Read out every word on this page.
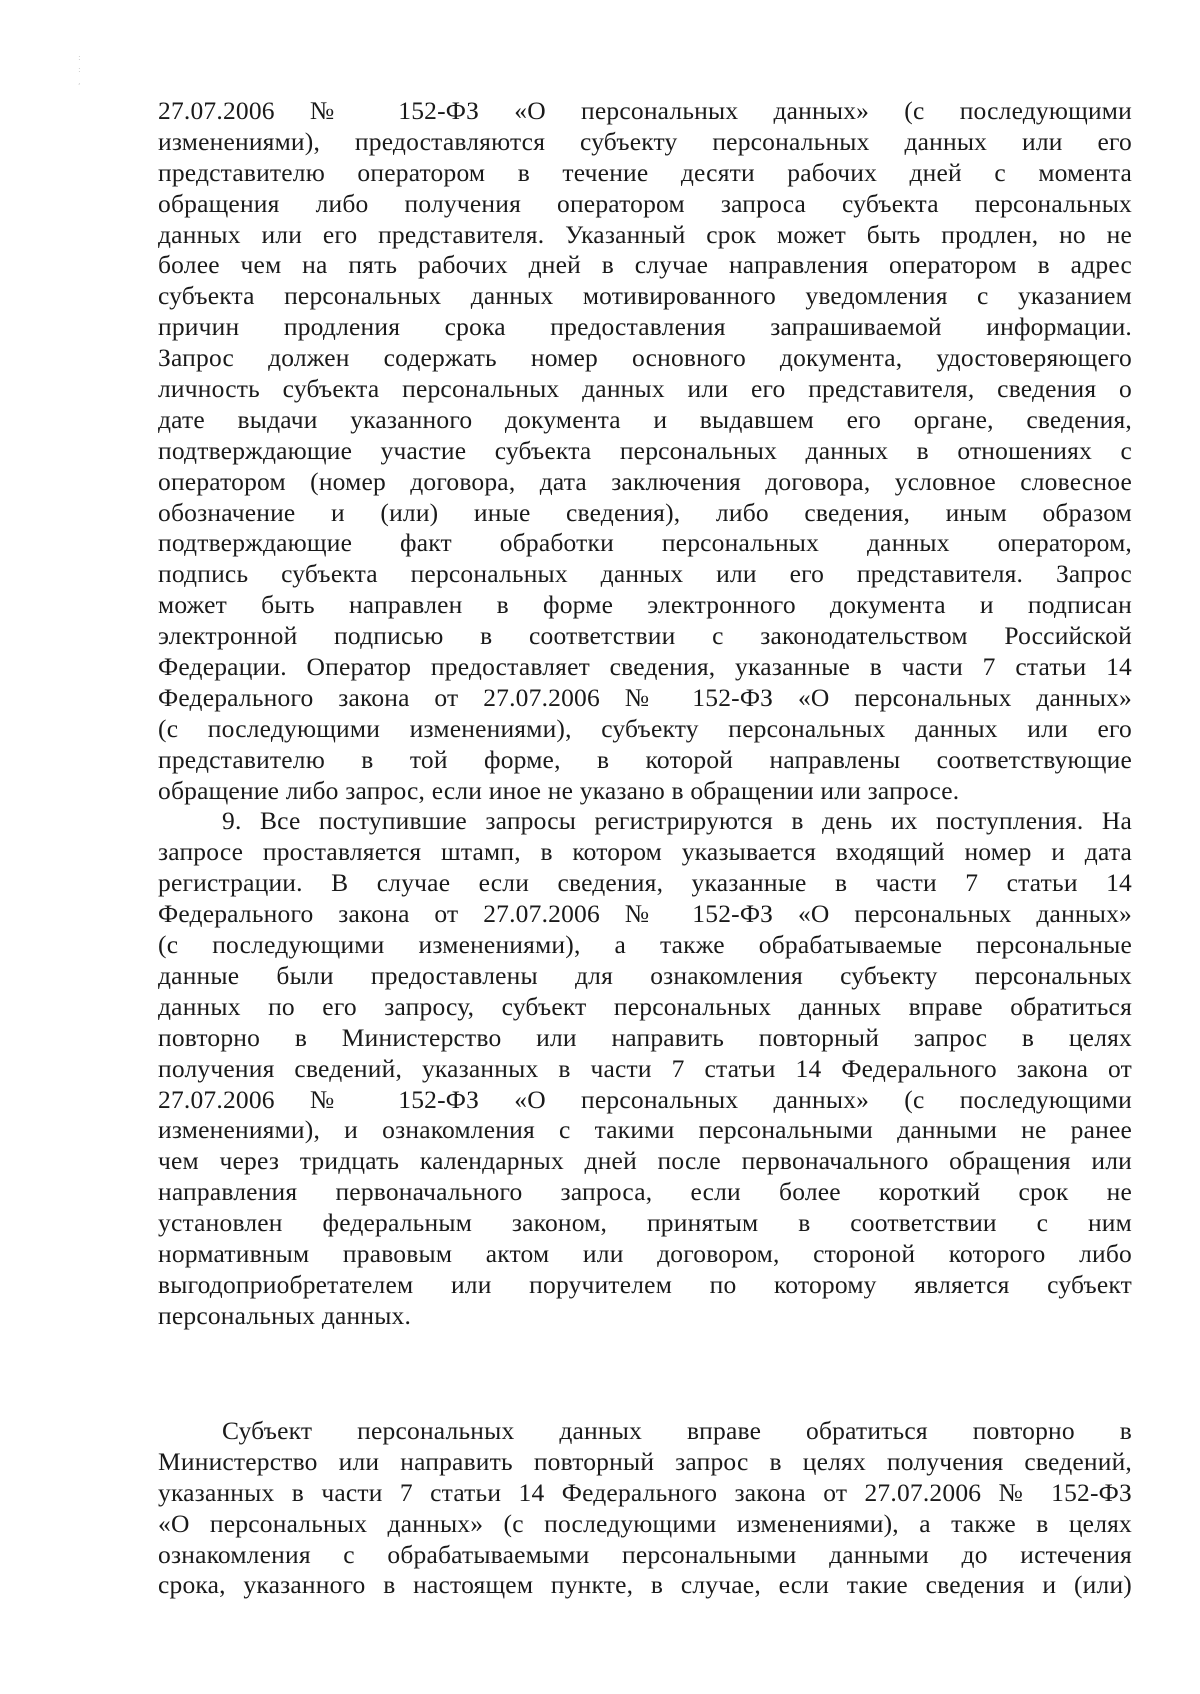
:
:
,
27.07.2006 № 152-ФЗ «О персональных данных» (с последующими
изменениями), предоставляются субъекту персональных данных или его
представителю оператором в течение десяти рабочих дней с момента
обращения либо получения оператором запроса субъекта персональных
данных или его представителя. Указанный срок может быть продлен, но не
более чем на пять рабочих дней в случае направления оператором в адрес
субъекта персональных данных мотивированного уведомления с указанием
причин продления срока предоставления запрашиваемой информации.
Запрос должен содержать номер основного документа, удостоверяющего
личность субъекта персональных данных или его представителя, сведения о
дате выдачи указанного документа и выдавшем его органе, сведения,
подтверждающие участие субъекта персональных данных в отношениях с
оператором (номер договора, дата заключения договора, условное словесное
обозначение и (или) иные сведения), либо сведения, иным образом
подтверждающие факт обработки персональных данных оператором,
подпись субъекта персональных данных или его представителя. Запрос
может быть направлен в форме электронного документа и подписан
электронной подписью в соответствии с законодательством Российской
Федерации. Оператор предоставляет сведения, указанные в части 7 статьи 14
Федерального закона от 27.07.2006 № 152-ФЗ «О персональных данных»
(с последующими изменениями), субъекту персональных данных или его
представителю в той форме, в которой направлены соответствующие
обращение либо запрос, если иное не указано в обращении или запросе.
9. Все поступившие запросы регистрируются в день их поступления. На
запросе проставляется штамп, в котором указывается входящий номер и дата
регистрации. В случае если сведения, указанные в части 7 статьи 14
Федерального закона от 27.07.2006 № 152-ФЗ «О персональных данных»
(с последующими изменениями), а также обрабатываемые персональные
данные были предоставлены для ознакомления субъекту персональных
данных по его запросу, субъект персональных данных вправе обратиться
повторно в Министерство или направить повторный запрос в целях
получения сведений, указанных в части 7 статьи 14 Федерального закона от
27.07.2006 № 152-ФЗ «О персональных данных» (с последующими
изменениями), и ознакомления с такими персональными данными не ранее
чем через тридцать календарных дней после первоначального обращения или
направления первоначального запроса, если более короткий срок не
установлен федеральным законом, принятым в соответствии с ним
нормативным правовым актом или договором, стороной которого либо
выгодоприобретателем или поручителем по которому является субъект
персональных данных.
Субъект персональных данных вправе обратиться повторно в
Министерство или направить повторный запрос в целях получения сведений,
указанных в части 7 статьи 14 Федерального закона от 27.07.2006 № 152-ФЗ
«О персональных данных» (с последующими изменениями), а также в целях
ознакомления с обрабатываемыми персональными данными до истечения
срока, указанного в настоящем пункте, в случае, если такие сведения и (или)
